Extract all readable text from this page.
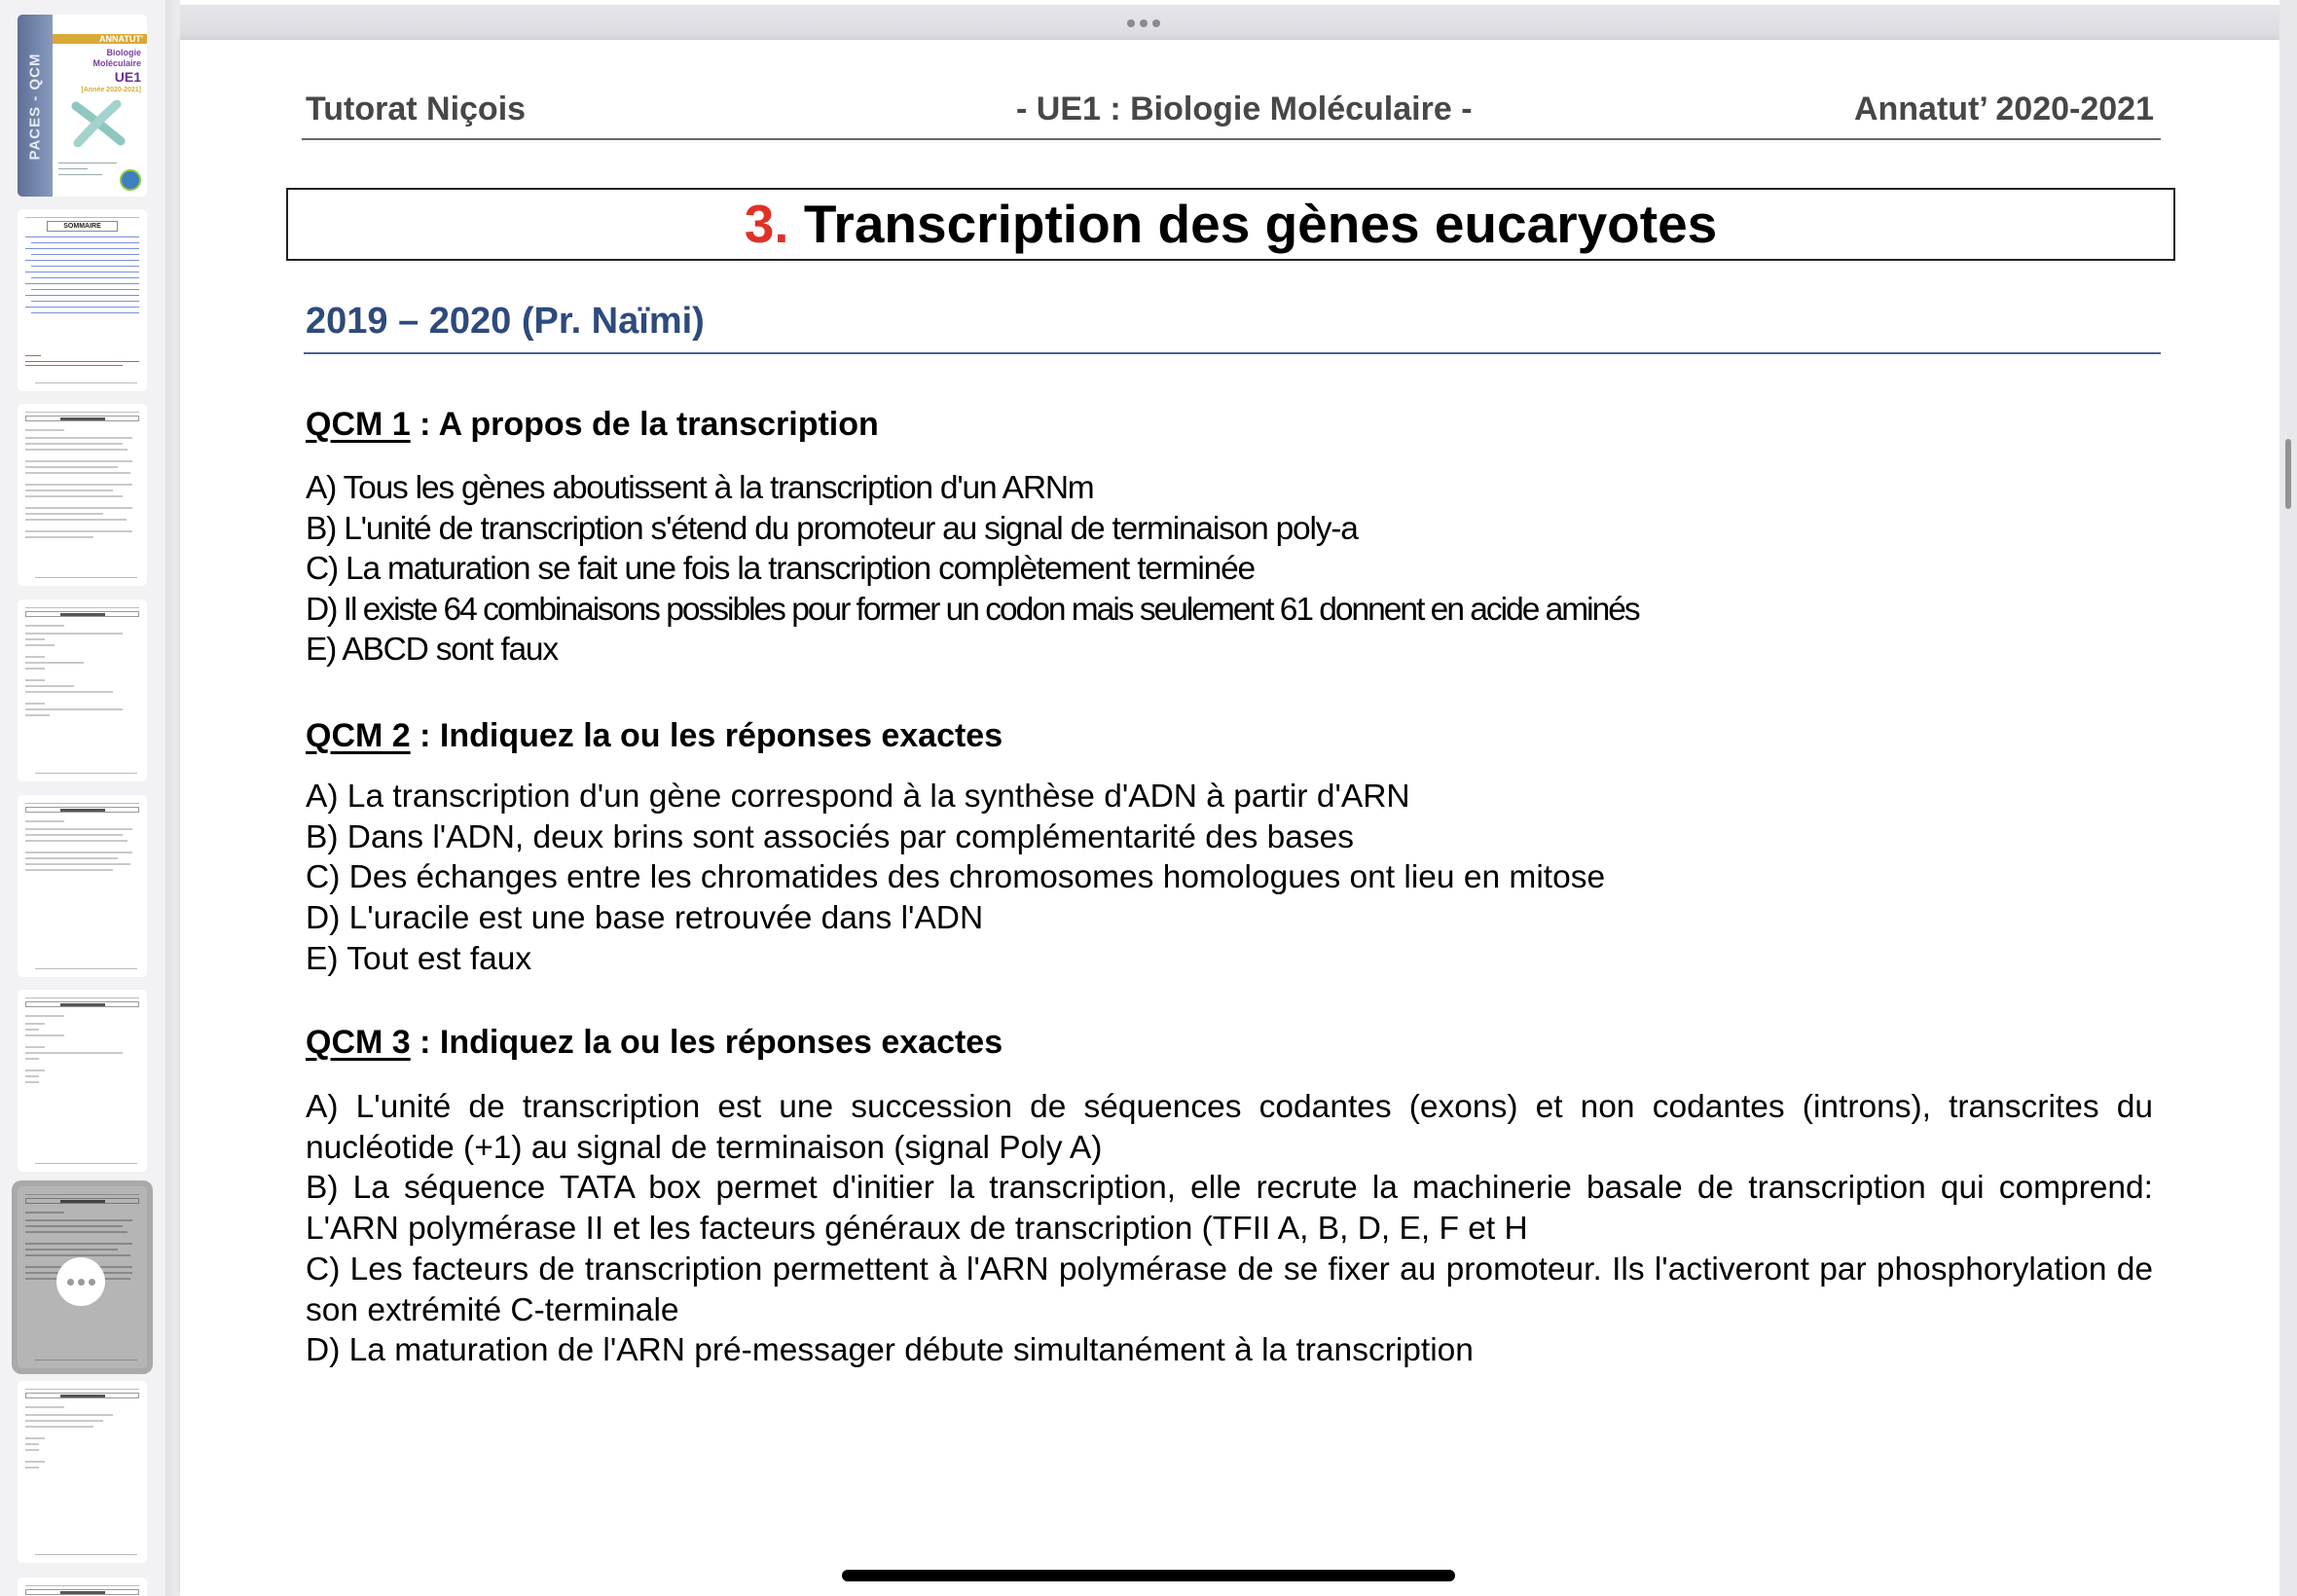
PACES - QCM
ANNATUT'
Biologie
Moléculaire
UE1
[Année 2020-2021]
SOMMAIRE
Tutorat Niçois	- UE1 : Biologie Moléculaire -	Annatut’ 2020-2021
3. Transcription des gènes eucaryotes
2019 – 2020 (Pr. Naïmi)
QCM 1 : A propos de la transcription
A) Tous les gènes aboutissent à la transcription d'un ARNm
B) L'unité de transcription s'étend du promoteur au signal de terminaison poly-a
C) La maturation se fait une fois la transcription complètement terminée
D) Il existe 64 combinaisons possibles pour former un codon mais seulement 61 donnent en acide aminés
E) ABCD sont faux
QCM 2 : Indiquez la ou les réponses exactes
A) La transcription d'un gène correspond à la synthèse d'ADN à partir d'ARN
B) Dans l'ADN, deux brins sont associés par complémentarité des bases
C) Des échanges entre les chromatides des chromosomes homologues ont lieu en mitose
D) L'uracile est une base retrouvée dans l'ADN
E) Tout est faux
QCM 3 : Indiquez la ou les réponses exactes
A) L'unité de transcription est une succession de séquences codantes (exons) et non codantes (introns), transcrites du nucléotide (+1) au signal de terminaison (signal Poly A)
B) La séquence TATA box permet d'initier la transcription, elle recrute la machinerie basale de transcription qui comprend: L'ARN polymérase II et les facteurs généraux de transcription (TFII A, B, D, E, F et H
C) Les facteurs de transcription permettent à l'ARN polymérase de se fixer au promoteur. Ils l'activeront par phosphorylation de son extrémité C-terminale
D) La maturation de l'ARN pré-messager débute simultanément à la transcription
